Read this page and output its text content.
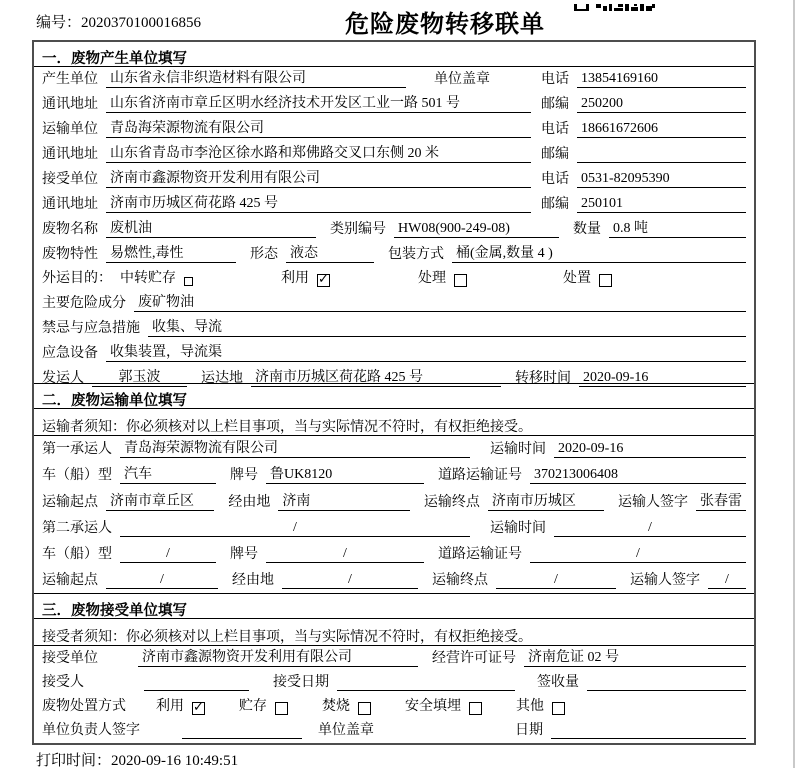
编号：2020370100016856	危险废物转移联单
一．废物产生单位填写
产生单位 山东省永信非织造材料有限公司	单位盖章	电话 13854169160
通讯地址 山东省济南市章丘区明水经济技术开发区工业一路 501 号	邮编 250200
运输单位 青岛海荣源物流有限公司	电话 18661672606
通讯地址 山东省青岛市李沧区徐水路和郑佛路交叉口东侧 20 米	邮编
接受单位 济南市鑫源物资开发利用有限公司	电话 0531-82095390
通讯地址 济南市历城区荷花路 425 号	邮编 250101
废物名称 废机油	类别编号 HW08(900-249-08)	数量 0.8 吨
废物特性 易燃性,毒性	形态 液态	包装方式 桶(金属,数量 4 )
外运目的： 中转贮存	利用 ✓	处理	处置
主要危险成分 废矿物油
禁忌与应急措施 收集、导流
应急设备 收集装置，导流渠
发运人	郭玉波	运达地 济南市历城区荷花路 425 号	转移时间 2020-09-16
二．废物运输单位填写
运输者须知：你必须核对以上栏目事项，当与实际情况不符时，有权拒绝接受。
第一承运人 青岛海荣源物流有限公司	运输时间 2020-09-16
车（船）型 汽车	牌号 鲁UK8120	道路运输证号 370213006408
运输起点 济南市章丘区	经由地 济南	运输终点 济南市历城区	运输人签字 张春雷
第二承运人	/	运输时间	/
车（船）型	/	牌号	/	道路运输证号	/
运输起点	/	经由地	/	运输终点	/	运输人签字	/
三．废物接受单位填写
接受者须知：你必须核对以上栏目事项，当与实际情况不符时，有权拒绝接受。
接受单位	济南市鑫源物资开发利用有限公司	经营许可证号 济南危证 02 号
接受人	接受日期	签收量
废物处置方式 利用 ✓	贮存	焚烧	安全填埋	其他
单位负责人签字	单位盖章	日期
打印时间：2020-09-16 10:49:51
